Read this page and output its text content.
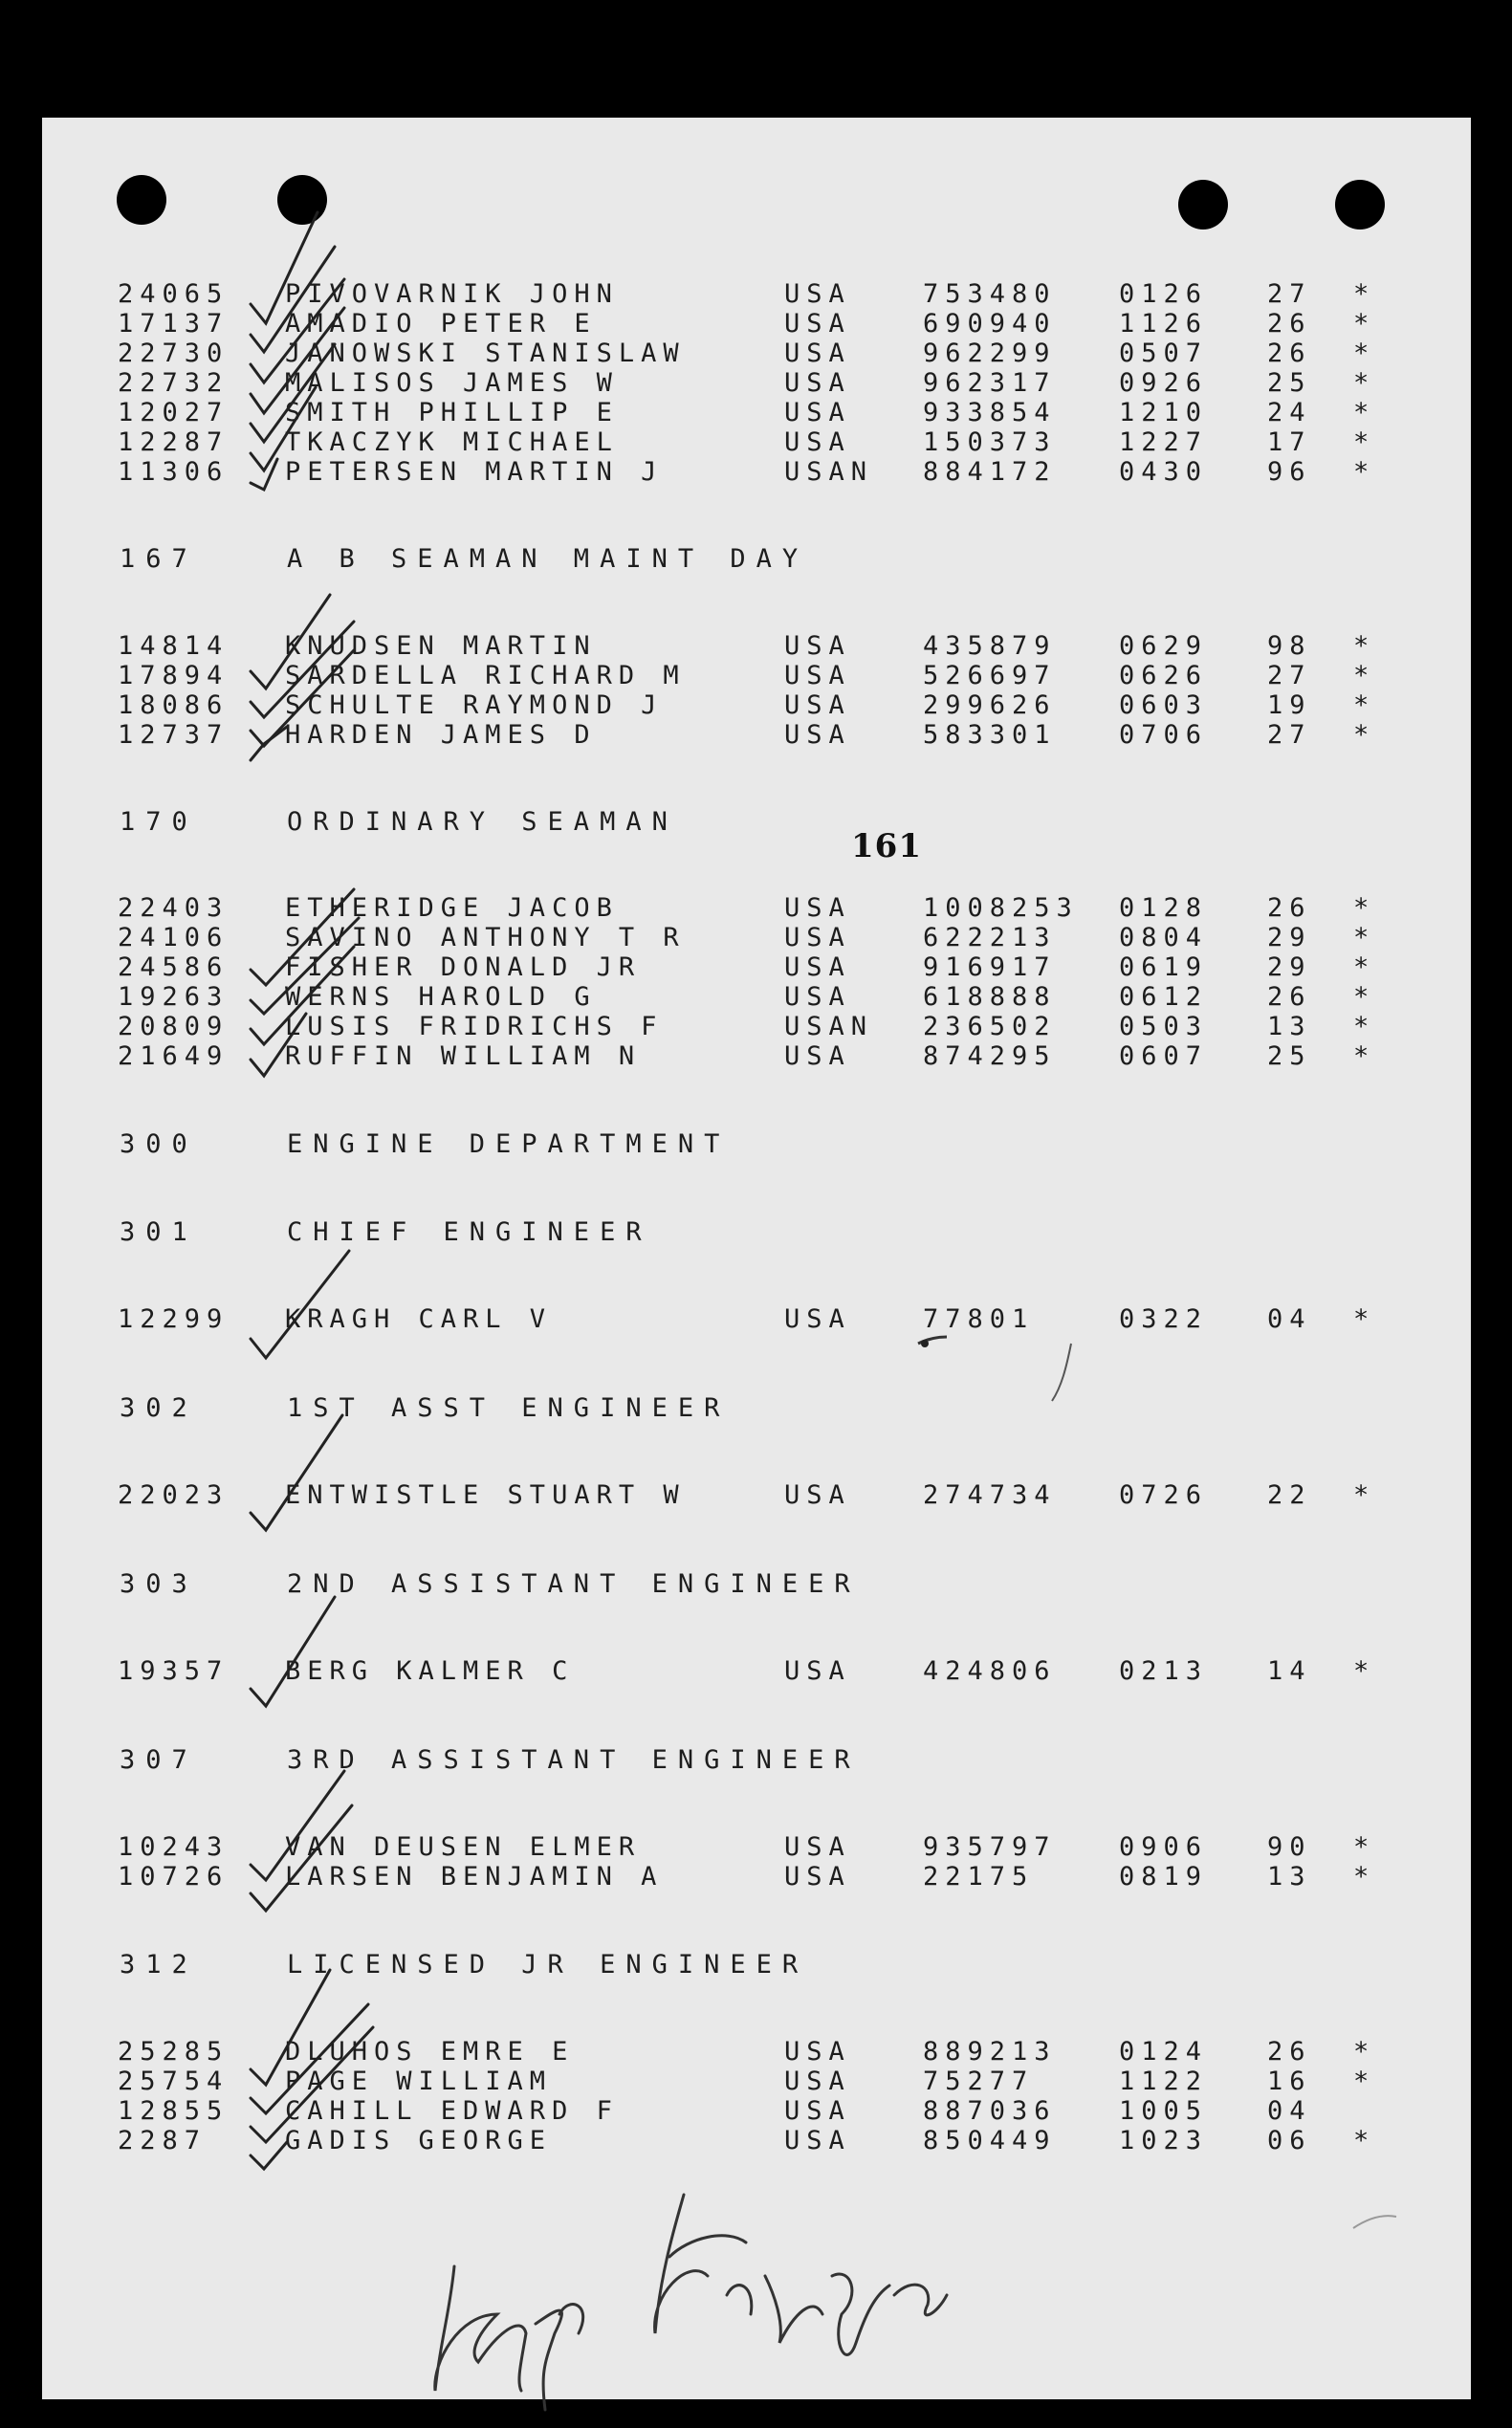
161
24065 PIVOVARNIK JOHN	USA	753480 0126 27 *
17137 AMADIO PETER E	USA	690940 1126 26 *
22730 JANOWSKI STANISLAW	USA	962299 0507 26 *
22732 MALISOS JAMES W	USA	962317 0926 25 *
12027 SMITH PHILLIP E	USA	933854 1210 24 *
12287 TKACZYK MICHAEL	USA	150373 1227 17 *
11306 PETERSEN MARTIN J	USAN 884172 0430 96 *
167	A B SEAMAN MAINT DAY
14814 KNUDSEN MARTIN	USA	435879 0629 98 *
17894 SARDELLA RICHARD M	USA	526697 0626 27 *
18086 SCHULTE RAYMOND J	USA	299626 0603 19 *
12737 HARDEN JAMES D	USA	583301 0706 27 *
170	ORDINARY SEAMAN
22403 ETHERIDGE JACOB	USA	1008253 0128 26 *
24106 SAVINO ANTHONY T R	USA	622213 0804 29 *
24586 FISHER DONALD JR	USA	916917 0619 29 *
19263 WERNS HAROLD G	USA	618888 0612 26 *
20809 LUSIS FRIDRICHS F	USAN 236502 0503 13 *
21649 RUFFIN WILLIAM N	USA	874295 0607 25 *
300	ENGINE DEPARTMENT
301	CHIEF ENGINEER
12299 KRAGH CARL V	USA	77801	0322 04 *
302	1ST ASST ENGINEER
22023 ENTWISTLE STUART W	USA	274734 0726 22 *
303	2ND ASSISTANT ENGINEER
19357 BERG KALMER C	USA	424806 0213 14 *
307	3RD ASSISTANT ENGINEER
10243 VAN DEUSEN ELMER	USA	935797 0906 90 *
10726 LARSEN BENJAMIN A	USA	22175	0819 13 *
312	LICENSED JR ENGINEER
25285 DLUHOS EMRE E	USA	889213 0124 26 *
25754 PAGE WILLIAM	USA	75277	1122 16 *
12855 CAHILL EDWARD F	USA	887036 1005 04
2287	GADIS GEORGE	USA	850449 1023 06 *
